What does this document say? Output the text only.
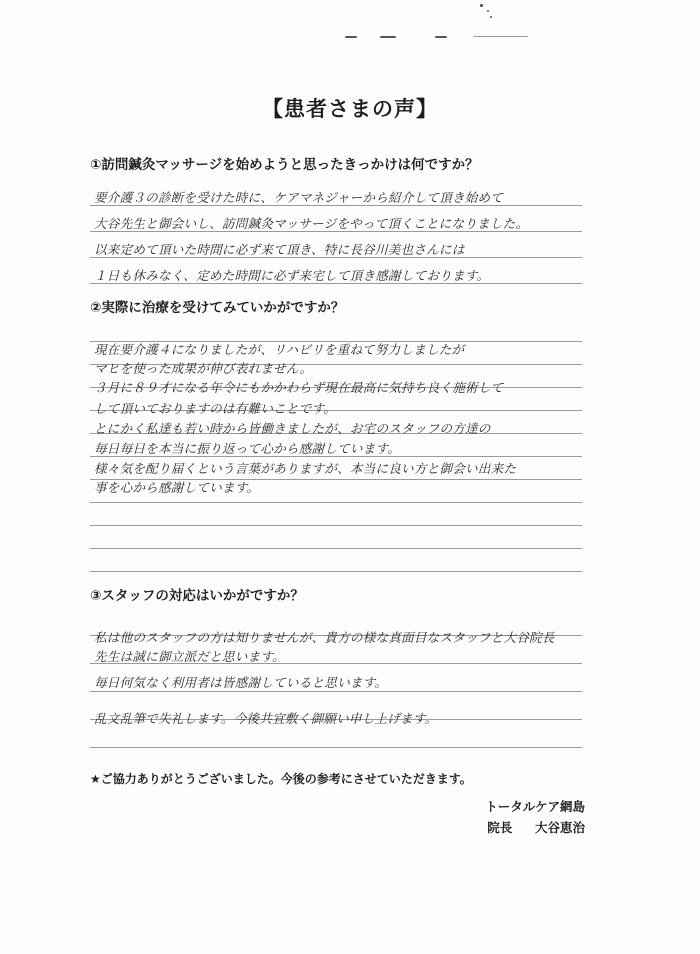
【患者さまの声】
①訪問鍼灸マッサージを始めようと思ったきっかけは何ですか？
要介護３の診断を受けた時に、ケアマネジャーから紹介して頂き始めて
大谷先生と御会いし、訪問鍼灸マッサージをやって頂くことになりました。
以来定めて頂いた時間に必ず来て頂き、特に長谷川美也さんには
１日も休みなく、定めた時間に必ず来宅して頂き感謝しております。
②実際に治療を受けてみていかがですか？
現在要介護４になりましたが、リハビリを重ねて努力しましたが
マヒを使った成果が伸び表れません。
３月に８９才になる年令にもかかわらず現在最高に気持ち良く施術して
して頂いておりますのは有難いことです。
とにかく私達も若い時から皆働きましたが、お宅のスタッフの方達の
毎日毎日を本当に振り返って心から感謝しています。
様々気を配り届くという言葉がありますが、本当に良い方と御会い出来た
事を心から感謝しています。
③スタッフの対応はいかがですか？
私は他のスタッフの方は知りませんが、貴方の様な真面目なスタッフと大谷院長
先生は誠に御立派だと思います。
毎日何気なく利用者は皆感謝していると思います。
乱文乱筆で失礼します。今後共宜敷く御願い申し上げます。
★ご協力ありがとうございました。今後の参考にさせていただきます。
トータルケア網島
院長 大谷恵治
